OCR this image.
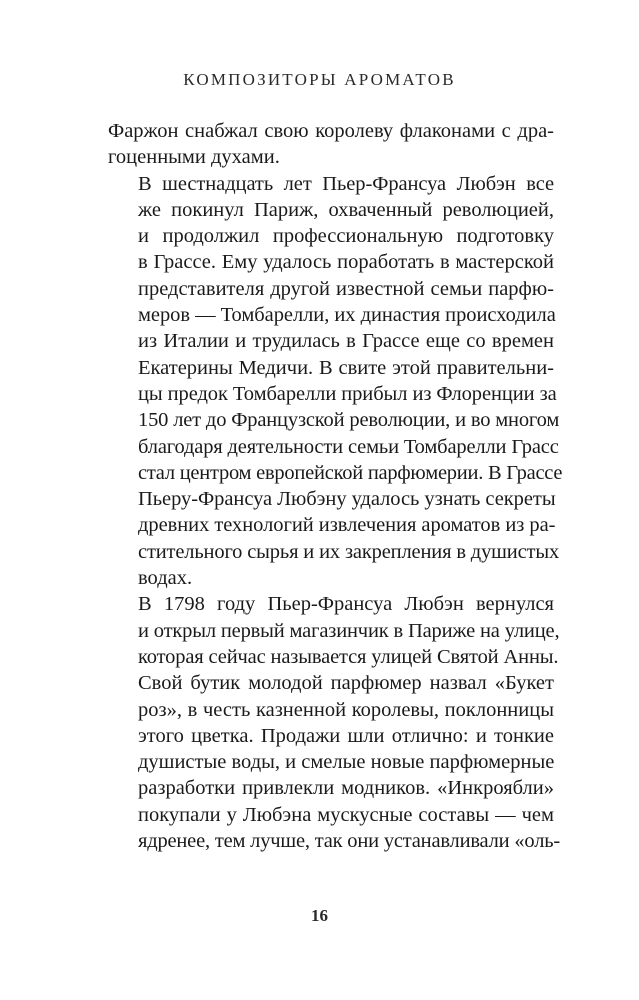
КОМПОЗИТОРЫ АРОМАТОВ

Фаржон снабжал свою королеву флаконами с дра-
гоценными духами.

В шестнадцать лет Пьер-Франсуа Любэн все
же покинул Париж, охваченный революцией,
и продолжил профессиональную подготовку
в Грассе. Ему удалось поработать в мастерской
представителя другой известной семьи парфю-
меров — Томбарелли, их династия происходила
из Италии и трудилась в Грассе еще со времен
Екатерины Медичи. В свите этой правительни-
цы предок Томбарелли прибыл из Флоренции за
150 лет до Французской революции, и во многом
благодаря деятельности семьи Томбарелли Грасс
стал центром европейской парфюмерии. В Грассе
Пьеру-Франсуа Любэну удалось узнать секреты
древних технологий извлечения ароматов из ра-
стительного сырья и их закрепления в душистых
водах.

В 1798 году Пьер-Франсуа Любэн вернулся
и открыл первый магазинчик в Париже на улице,
которая сейчас называется улицей Святой Анны.
Свой бутик молодой парфюмер назвал «Букет
роз», в честь казненной королевы, поклонницы
этого цветка. Продажи шли отлично: и тонкие
душистые воды, и смелые новые парфюмерные
разработки привлекли модников. «Инкроябли»
покупали у Любэна мускусные составы — чем
ядренее, тем лучше, так они устанавливали «оль-

16
